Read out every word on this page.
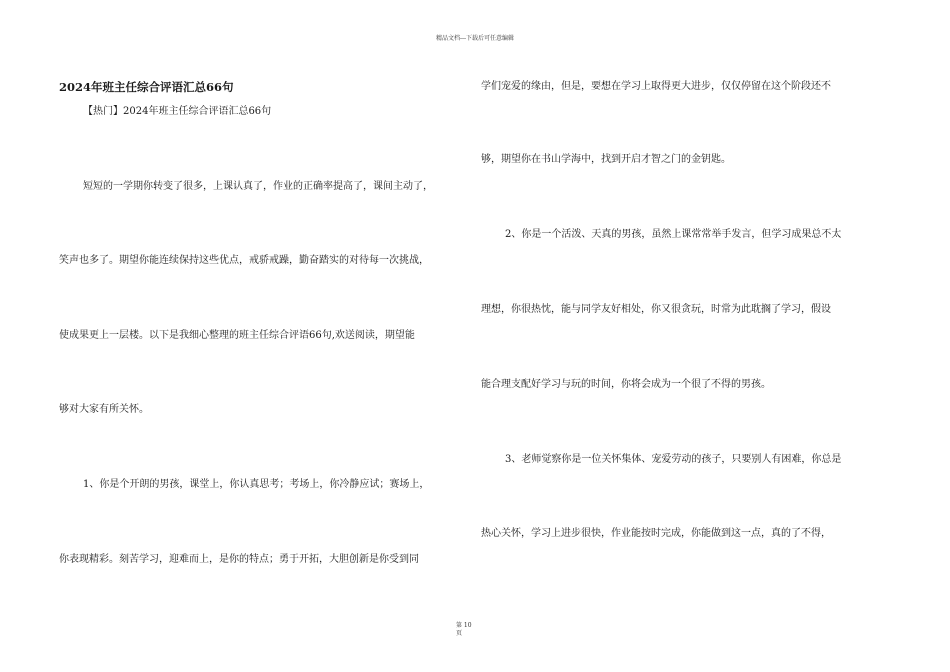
精品文档---下载后可任意编辑
2024年班主任综合评语汇总66句
【热门】2024年班主任综合评语汇总66句
短短的一学期你转变了很多，上课认真了，作业的正确率提高了，课间主动了，
笑声也多了。期望你能连续保持这些优点，戒骄戒躁，勤奋踏实的对待每一次挑战，
使成果更上一层楼。以下是我细心整理的班主任综合评语66句,欢送阅读，期望能
够对大家有所关怀。
1、你是个开朗的男孩，课堂上，你认真思考；考场上，你冷静应试；赛场上，
你表现精彩。刻苦学习，迎难而上，是你的特点；勇于开拓，大胆创新是你受到同
学们宠爱的缘由，但是，要想在学习上取得更大进步，仅仅停留在这个阶段还不
够，期望你在书山学海中，找到开启才智之门的金钥匙。
2、你是一个活泼、天真的男孩，虽然上课常常举手发言，但学习成果总不太
理想，你很热忱，能与同学友好相处，你又很贪玩，时常为此耽搁了学习，假设
能合理支配好学习与玩的时间，你将会成为一个很了不得的男孩。
3、老师觉察你是一位关怀集体、宠爱劳动的孩子，只要别人有困难，你总是
热心关怀，学习上进步很快，作业能按时完成，你能做到这一点，真的了不得，
第 10
页
